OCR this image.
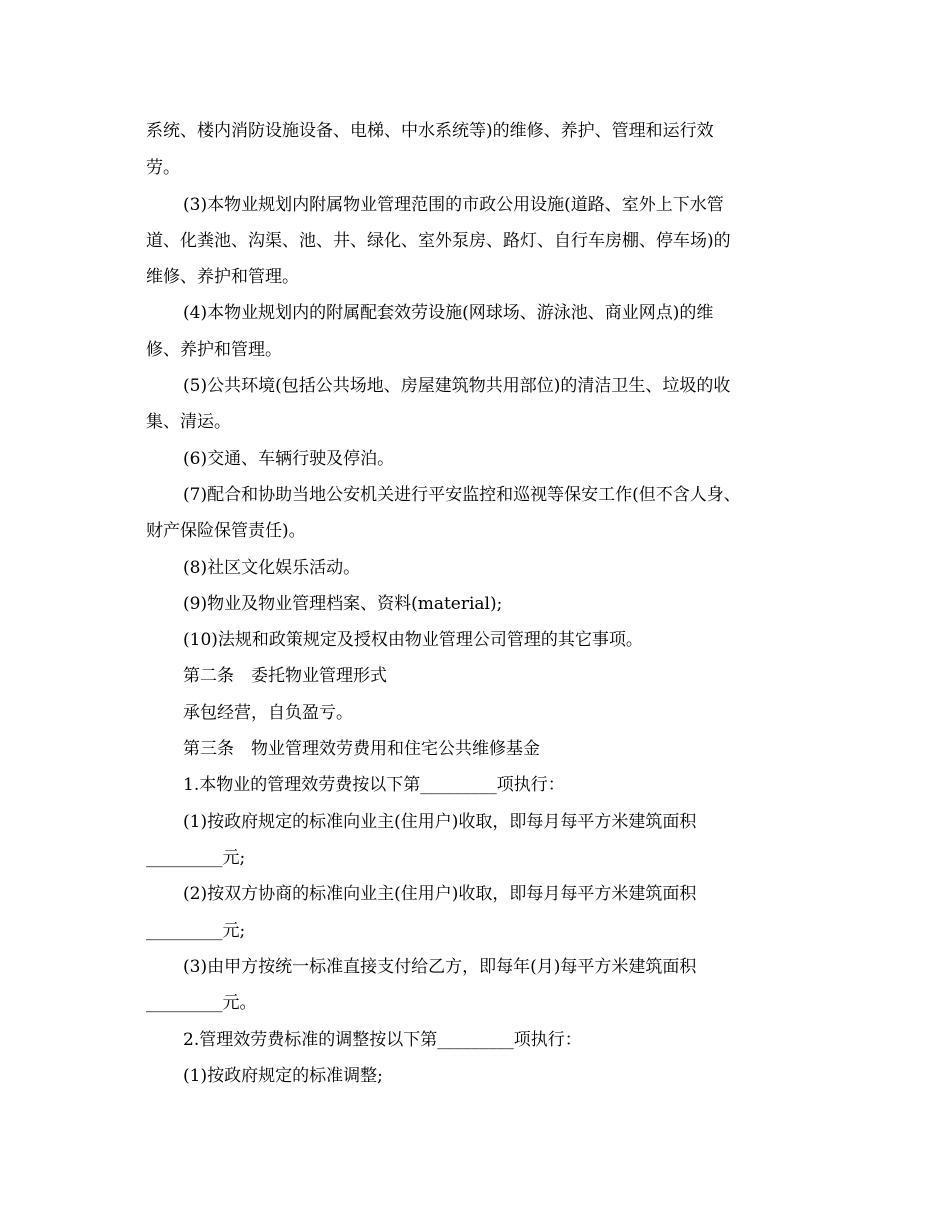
系统、楼内消防设施设备、电梯、中水系统等)的维修、养护、管理和运行效
劳。
(3)本物业规划内附属物业管理范围的市政公用设施(道路、室外上下水管
道、化粪池、沟渠、池、井、绿化、室外泵房、路灯、自行车房棚、停车场)的
维修、养护和管理。
(4)本物业规划内的附属配套效劳设施(网球场、游泳池、商业网点)的维
修、养护和管理。
(5)公共环境(包括公共场地、房屋建筑物共用部位)的清洁卫生、垃圾的收
集、清运。
(6)交通、车辆行驶及停泊。
(7)配合和协助当地公安机关进行平安监控和巡视等保安工作(但不含人身、
财产保险保管责任)。
(8)社区文化娱乐活动。
(9)物业及物业管理档案、资料(material);
(10)法规和政策规定及授权由物业管理公司管理的其它事项。
第二条　委托物业管理形式
承包经营，自负盈亏。
第三条　物业管理效劳费用和住宅公共维修基金
1.本物业的管理效劳费按以下第_________项执行：
(1)按政府规定的标准向业主(住用户)收取，即每月每平方米建筑面积
_________元;
(2)按双方协商的标准向业主(住用户)收取，即每月每平方米建筑面积
_________元;
(3)由甲方按统一标准直接支付给乙方，即每年(月)每平方米建筑面积
_________元。
2.管理效劳费标准的调整按以下第_________项执行：
(1)按政府规定的标准调整;
